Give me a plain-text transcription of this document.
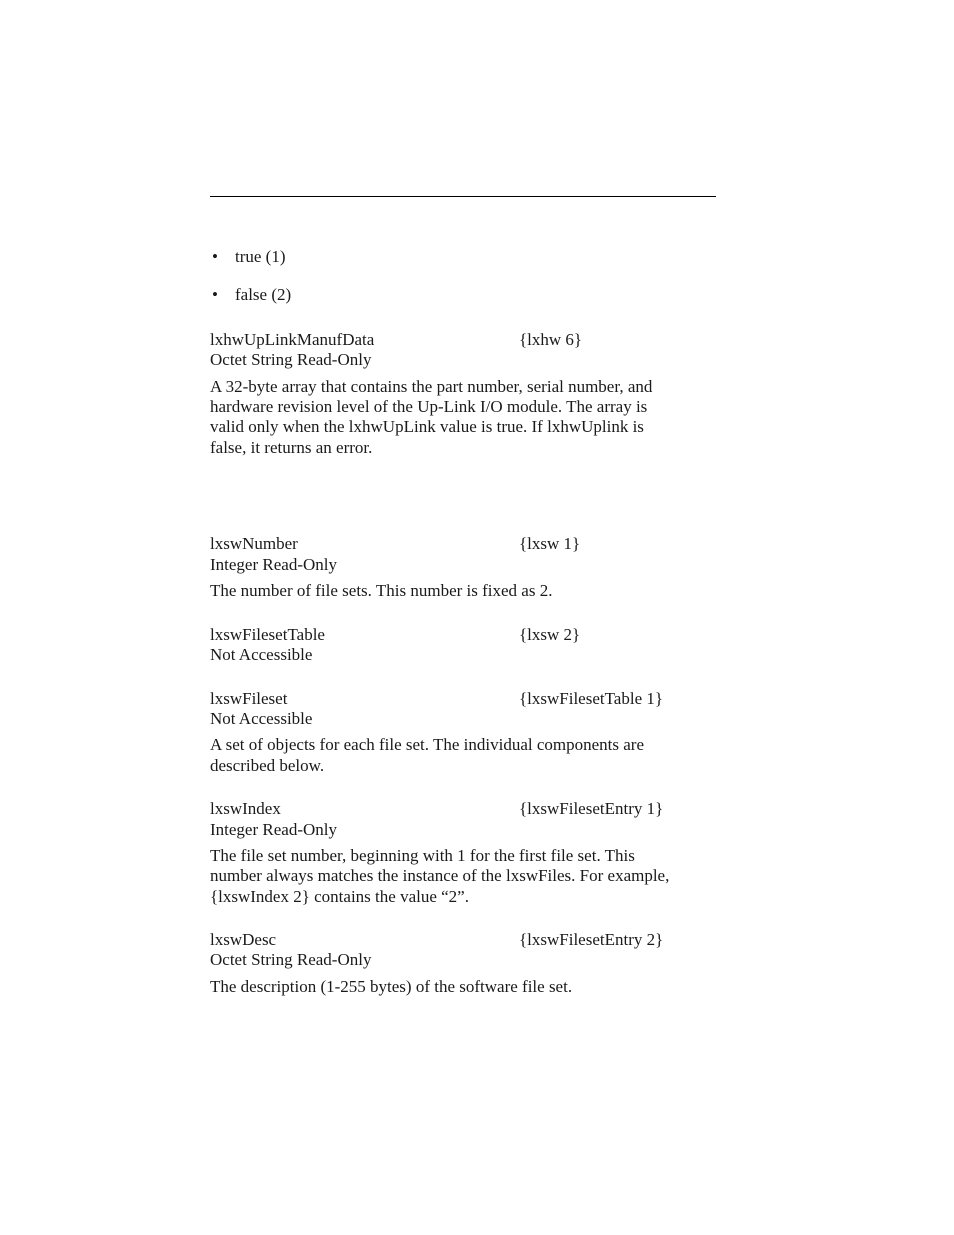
• true (1)
• false (2)
lxhwUpLinkManufData	{lxhw 6}
Octet String Read-Only
A 32-byte array that contains the part number, serial number, and
hardware revision level of the Up-Link I/O module. The array is
valid only when the lxhwUpLink value is true. If lxhwUplink is
false, it returns an error.
lxswNumber	{lxsw 1}
Integer Read-Only
The number of file sets. This number is fixed as 2.
lxswFilesetTable	{lxsw 2}
Not Accessible
lxswFileset	{lxswFilesetTable 1}
Not Accessible
A set of objects for each file set. The individual components are
described below.
lxswIndex	{lxswFilesetEntry 1}
Integer Read-Only
The file set number, beginning with 1 for the first file set. This
number always matches the instance of the lxswFiles. For example,
{lxswIndex 2} contains the value “2”.
lxswDesc	{lxswFilesetEntry 2}
Octet String Read-Only
The description (1-255 bytes) of the software file set.
